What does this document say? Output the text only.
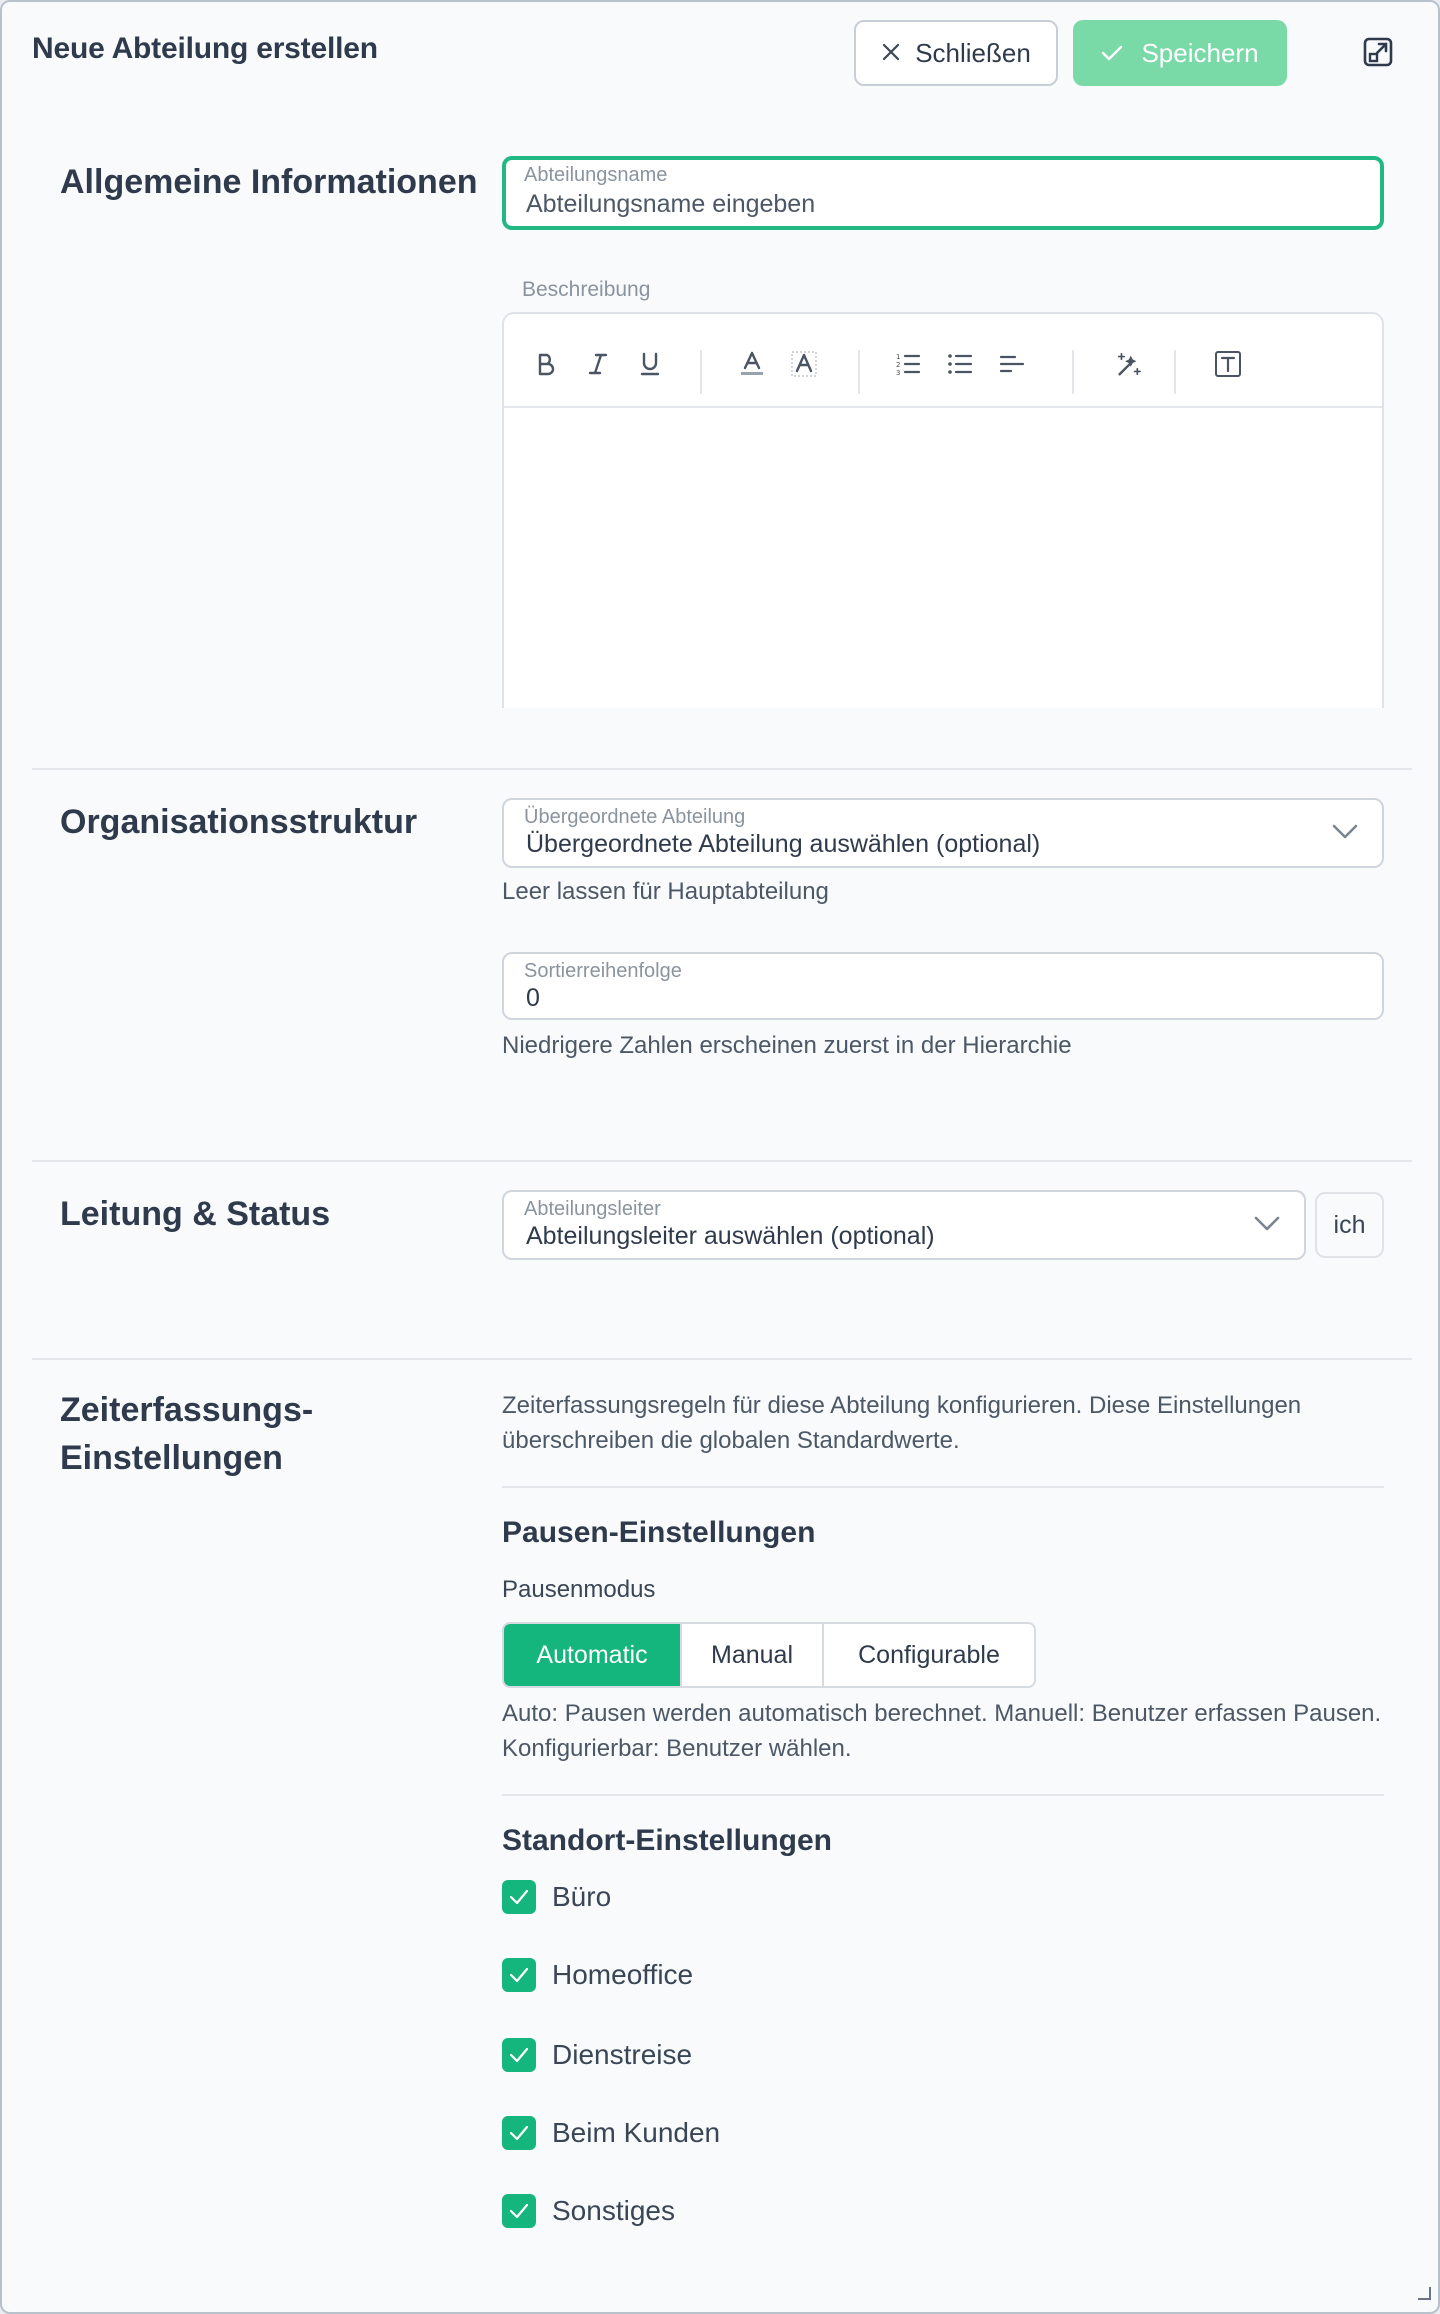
Neue Abteilung erstellen	Schließen	Speichern
Allgemeine Informationen Abteilungsname
Abteilungsname eingeben
Beschreibung
1
2
3
Organisationsstruktur	Übergeordnete Abteilung
Übergeordnete Abteilung auswählen (optional)
Leer lassen für Hauptabteilung
Sortierreihenfolge
0
Niedrigere Zahlen erscheinen zuerst in der Hierarchie
Leitung & Status	Abteilungsleiter
Abteilungsleiter auswählen (optional)	ich
Zeiterfassungs-
Einstellungen
Zeiterfassungsregeln für diese Abteilung konfigurieren. Diese Einstellungen überschreiben die globalen Standardwerte.
Pausen-Einstellungen
Pausenmodus
Automatic	Manual	Configurable
Auto: Pausen werden automatisch berechnet. Manuell: Benutzer erfassen Pausen. Konfigurierbar: Benutzer wählen.
Standort-Einstellungen
Büro
Homeoffice
Dienstreise
Beim Kunden
Sonstiges
